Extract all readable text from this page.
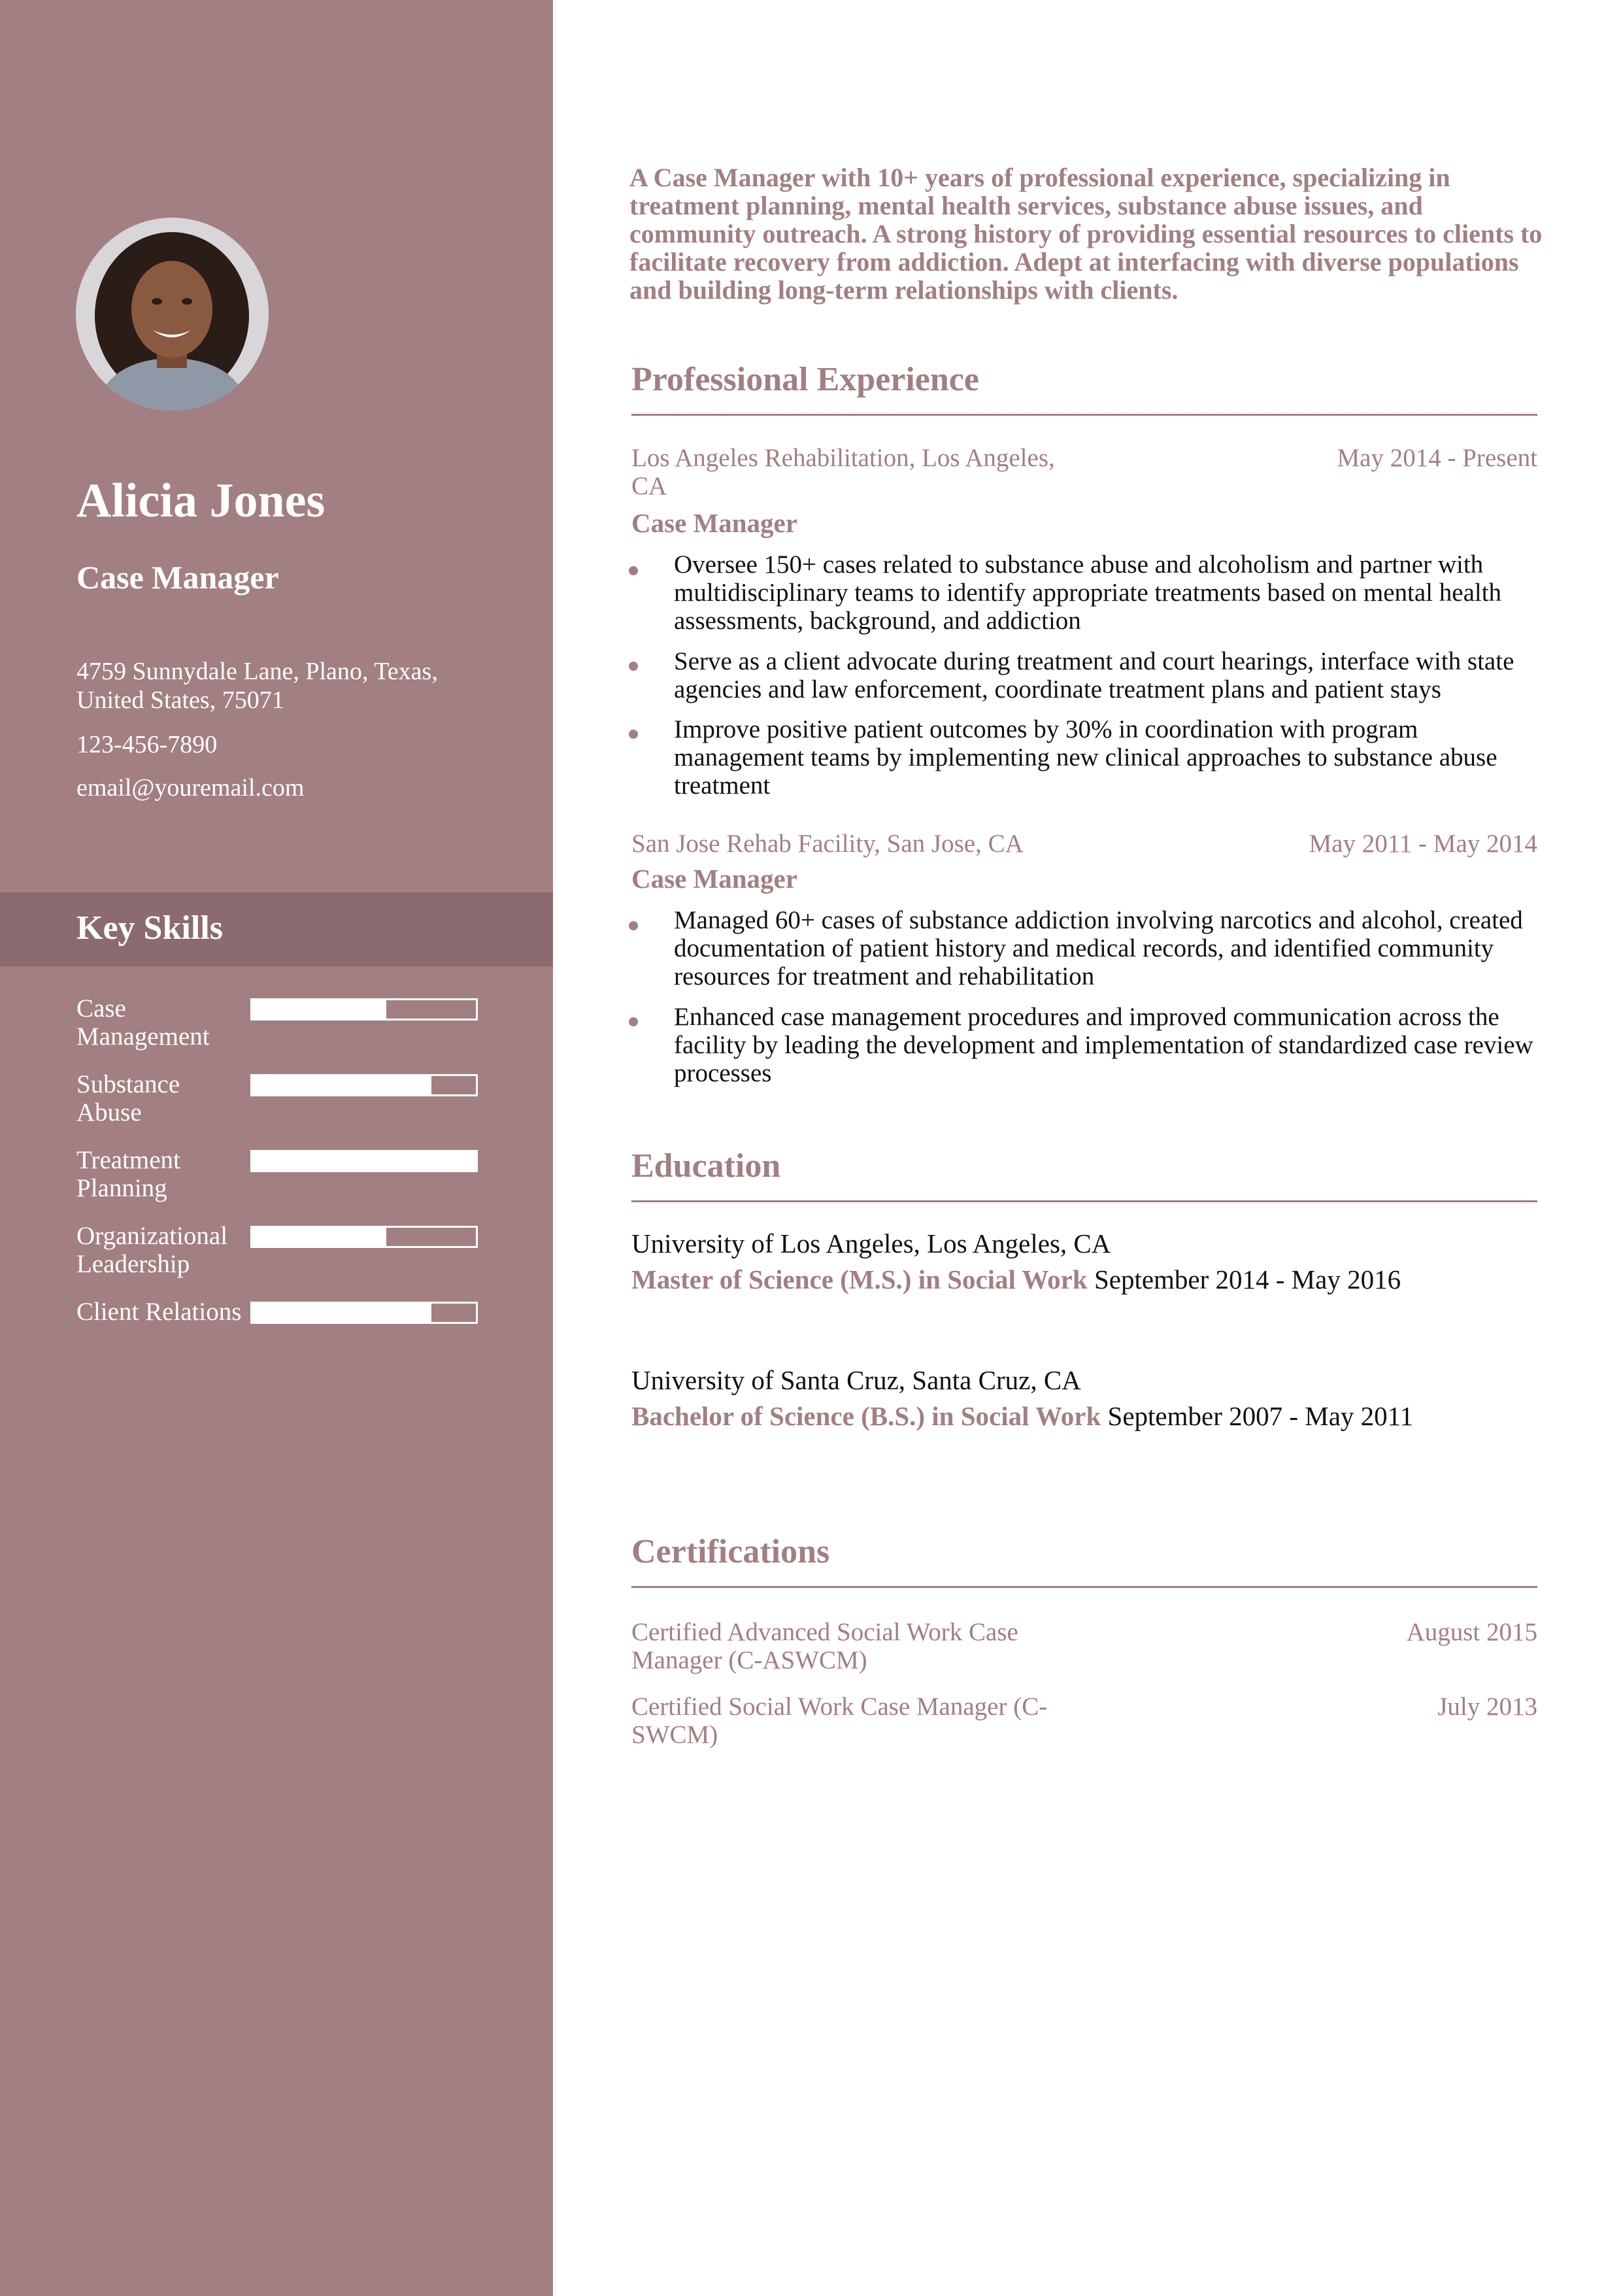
Alicia Jones
Case Manager
4759 Sunnydale Lane, Plano, Texas, United States, 75071
123-456-7890
email@youremail.com
Key Skills
Case Management
Substance Abuse
Treatment Planning
Organizational Leadership
Client Relations

A Case Manager with 10+ years of professional experience, specializing in treatment planning, mental health services, substance abuse issues, and community outreach. A strong history of providing essential resources to clients to facilitate recovery from addiction. Adept at interfacing with diverse populations and building long-term relationships with clients.

Professional Experience
Los Angeles Rehabilitation, Los Angeles, CA
May 2014 - Present
Case Manager
Oversee 150+ cases related to substance abuse and alcoholism and partner with multidisciplinary teams to identify appropriate treatments based on mental health assessments, background, and addiction
Serve as a client advocate during treatment and court hearings, interface with state agencies and law enforcement, coordinate treatment plans and patient stays
Improve positive patient outcomes by 30% in coordination with program management teams by implementing new clinical approaches to substance abuse treatment
San Jose Rehab Facility, San Jose, CA	May 2011 - May 2014
Case Manager
Managed 60+ cases of substance addiction involving narcotics and alcohol, created documentation of patient history and medical records, and identified community resources for treatment and rehabilitation
Enhanced case management procedures and improved communication across the facility by leading the development and implementation of standardized case review processes
Education
University of Los Angeles, Los Angeles, CA
Master of Science (M.S.) in Social Work September 2014 - May 2016
University of Santa Cruz, Santa Cruz, CA
Bachelor of Science (B.S.) in Social Work September 2007 - May 2011
Certifications
Certified Advanced Social Work Case Manager (C-ASWCM)
August 2015
Certified Social Work Case Manager (C-SWCM)
July 2013
